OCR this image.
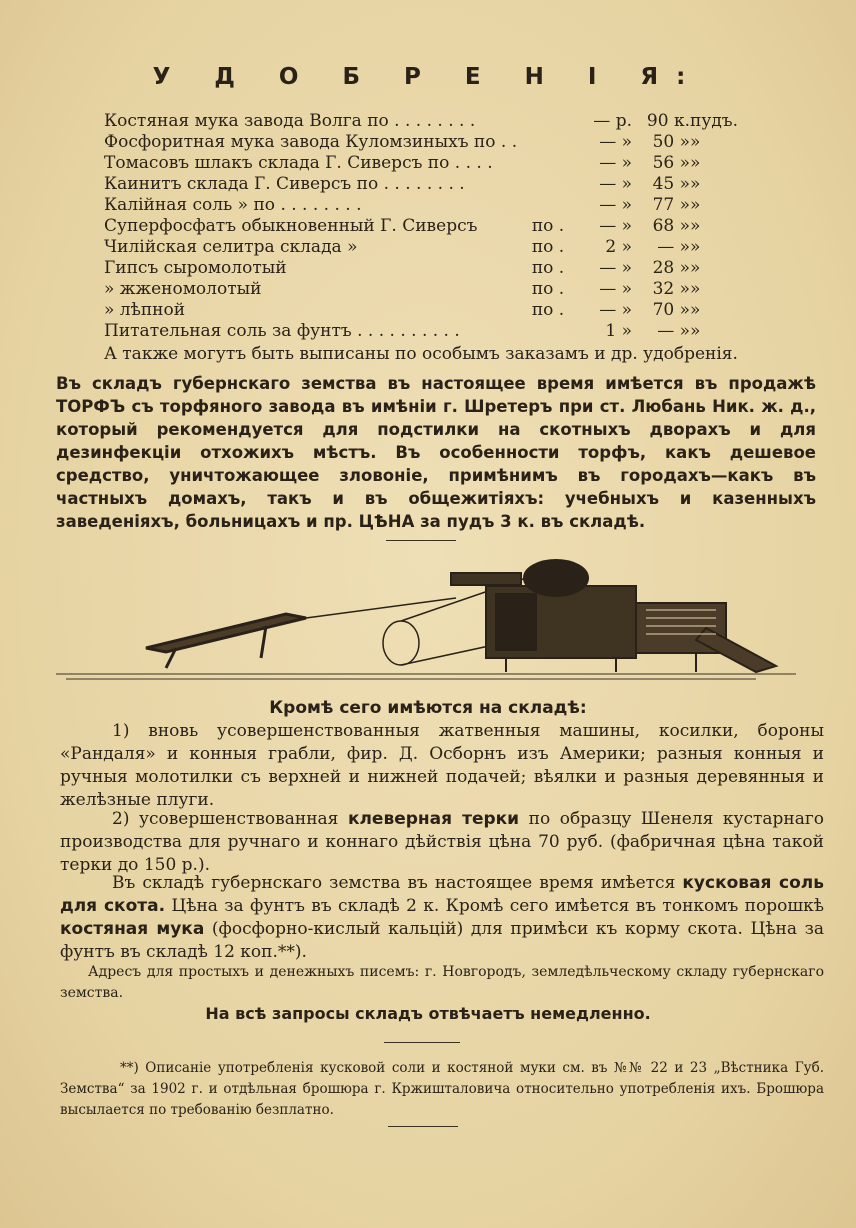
У Д О Б Р Е Н І Я:
Костяная мука завода Волга по . . . . . . . .		— р.	90 к.	пудъ.
Фосфоритная мука завода Куломзиныхъ по . .		— »	50 »	»
Томасовъ шлакъ склада Г. Сиверсъ по . . . .		— »	56 »	»
Каинитъ склада Г. Сиверсъ по . . . . . . . .		— »	45 »	»
Калійная соль » по . . . . . . . .		— »	77 »	»
Суперфосфатъ обыкновенный Г. Сиверсъ	по .	— »	68 »	»
Чилійская селитра склада »	по .	2 »	— »	»
Гипсъ сыромолотый	по .	— »	28 »	»
» жженомолотый	по .	— »	32 »	»
» лѣпной	по .	— »	70 »	»
Питательная соль за фунтъ . . . . . . . . . .		1 »	— »	»
А также могутъ быть выписаны по особымъ заказамъ и др. удобренія.
Въ складъ губернскаго земства въ настоящее время имѣется въ продажѣ ТОРФЪ съ торфяного завода въ имѣніи г. Шретеръ при ст. Любань Ник. ж. д., который рекомендуется для подстилки на скотныхъ дворахъ и для дезинфекціи отхожихъ мѣстъ. Въ особенности торфъ, какъ дешевое средство, уничтожающее зловоніе, примѣнимъ въ городахъ—какъ въ частныхъ домахъ, такъ и въ общежитіяхъ: учебныхъ и казенныхъ заведеніяхъ, больницахъ и пр. ЦѢНА за пудъ 3 к. въ складѣ.
Кромѣ сего имѣются на складѣ:
1) вновь усовершенствованныя жатвенныя машины, косилки, бороны «Рандаля» и конныя грабли, фир. Д. Осборнъ изъ Америки; разныя конныя и ручныя молотилки съ верхней и нижней подачей; вѣялки и разныя деревянныя и желѣзные плуги.
2) усовершенствованная клеверная терки по образцу Шенеля кустарнаго производства для ручнаго и коннаго дѣйствія цѣна 70 руб. (фабричная цѣна такой терки до 150 р.).
Въ складѣ губернскаго земства въ настоящее время имѣется кусковая соль для скота. Цѣна за фунтъ въ складѣ 2 к. Кромѣ сего имѣется въ тонкомъ порошкѣ костяная мука (фосфорно-кислый кальцій) для примѣси къ корму скота. Цѣна за фунтъ въ складѣ 12 коп.**).
Адресъ для простыхъ и денежныхъ писемъ: г. Новгородъ, земледѣльческому складу губернскаго земства.
На всѣ запросы складъ отвѣчаетъ немедленно.
**) Описаніе употребленія кусковой соли и костяной муки см. въ №№ 22 и 23 „Вѣстника Губ. Земства“ за 1902 г. и отдѣльная брошюра г. Кржишталовича относительно употребленія ихъ. Брошюра высылается по требованію безплатно.
